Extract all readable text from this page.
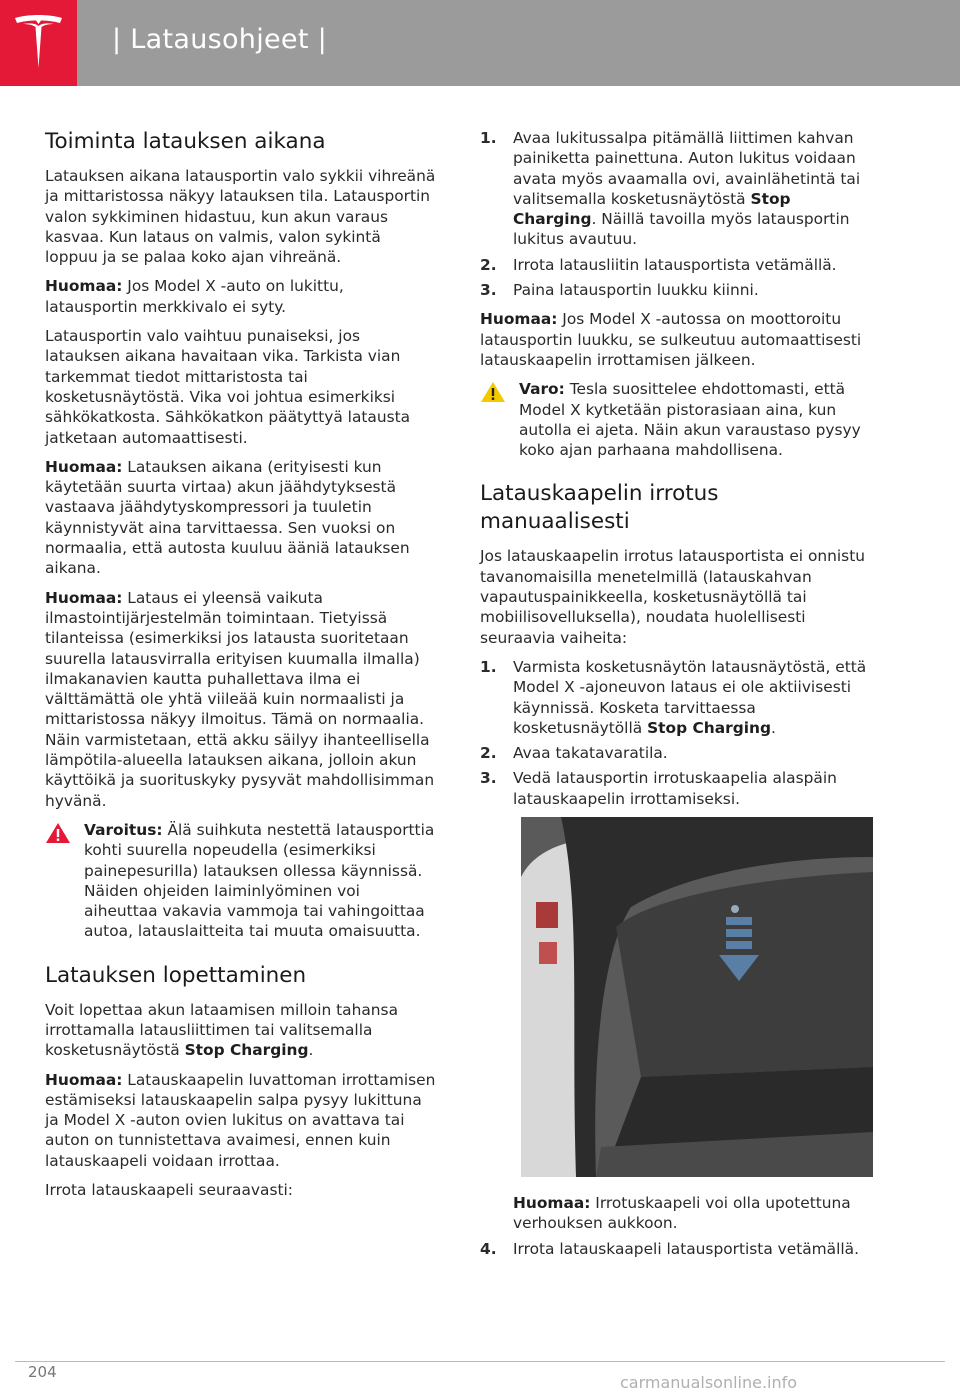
| Latausohjeet |
Toiminta latauksen aikana

Latauksen aikana latausportin valo sykkii vihreänä ja mittaristossa näkyy latauksen tila. Latausportin valon sykkiminen hidastuu, kun akun varaus kasvaa. Kun lataus on valmis, valon sykintä loppuu ja se palaa koko ajan vihreänä.

Huomaa: Jos Model X -auto on lukittu, latausportin merkkivalo ei syty.

Latausportin valo vaihtuu punaiseksi, jos latauksen aikana havaitaan vika. Tarkista vian tarkemmat tiedot mittaristosta tai kosketusnäytöstä. Vika voi johtua esimerkiksi sähkökatkosta. Sähkökatkon päätyttyä latausta jatketaan automaattisesti.

Huomaa: Latauksen aikana (erityisesti kun käytetään suurta virtaa) akun jäähdytyksestä vastaava jäähdytyskompressori ja tuuletin käynnistyvät aina tarvittaessa. Sen vuoksi on normaalia, että autosta kuuluu ääniä latauksen aikana.

Huomaa: Lataus ei yleensä vaikuta ilmastointijärjestelmän toimintaan. Tietyissä tilanteissa (esimerkiksi jos latausta suoritetaan suurella latausvirralla erityisen kuumalla ilmalla) ilmakanavien kautta puhallettava ilma ei välttämättä ole yhtä viileää kuin normaalisti ja mittaristossa näkyy ilmoitus. Tämä on normaalia. Näin varmistetaan, että akku säilyy ihanteellisella lämpötila-alueella latauksen aikana, jolloin akun käyttöikä ja suorituskyky pysyvät mahdollisimman hyvänä.

Varoitus: Älä suihkuta nestettä latausporttia kohti suurella nopeudella (esimerkiksi painepesurilla) latauksen ollessa käynnissä. Näiden ohjeiden laiminlyöminen voi aiheuttaa vakavia vammoja tai vahingoittaa autoa, latauslaitteita tai muuta omaisuutta.
Latauksen lopettaminen

Voit lopettaa akun lataamisen milloin tahansa irrottamalla latausliittimen tai valitsemalla kosketusnäytöstä Stop Charging.

Huomaa: Latauskaapelin luvattoman irrottamisen estämiseksi latauskaapelin salpa pysyy lukittuna ja Model X -auton ovien lukitus on avattava tai auton on tunnistettava avaimesi, ennen kuin latauskaapeli voidaan irrottaa.

Irrota latauskaapeli seuraavasti:

1. Avaa lukitussalpa pitämällä liittimen kahvan painiketta painettuna. Auton lukitus voidaan avata myös avaamalla ovi, avainlähetintä tai valitsemalla kosketusnäytöstä Stop Charging. Näillä tavoilla myös latausportin lukitus avautuu.
2. Irrota latausliitin latausportista vetämällä.
3. Paina latausportin luukku kiinni.

Huomaa: Jos Model X -autossa on moottoroitu latausportin luukku, se sulkeutuu automaattisesti latauskaapelin irrottamisen jälkeen.

Varo: Tesla suosittelee ehdottomasti, että Model X kytketään pistorasiaan aina, kun autolla ei ajeta. Näin akun varaustaso pysyy koko ajan parhaana mahdollisena.
Latauskaapelin irrotus manuaalisesti

Jos latauskaapelin irrotus latausportista ei onnistu tavanomaisilla menetelmillä (latauskahvan vapautuspainikkeella, kosketusnäytöllä tai mobiilisovelluksella), noudata huolellisesti seuraavia vaiheita:

1. Varmista kosketusnäytön latausnäytöstä, että Model X -ajoneuvon lataus ei ole aktiivisesti käynnissä. Kosketa tarvittaessa kosketusnäytöllä Stop Charging.
2. Avaa takatavaratila.
3. Vedä latausportin irrotuskaapelia alaspäin latauskaapelin irrottamiseksi.

Huomaa: Irrotuskaapeli voi olla upotettuna verhouksen aukkoon.

4. Irrota latauskaapeli latausportista vetämällä.
204
carmanualsonline.info
